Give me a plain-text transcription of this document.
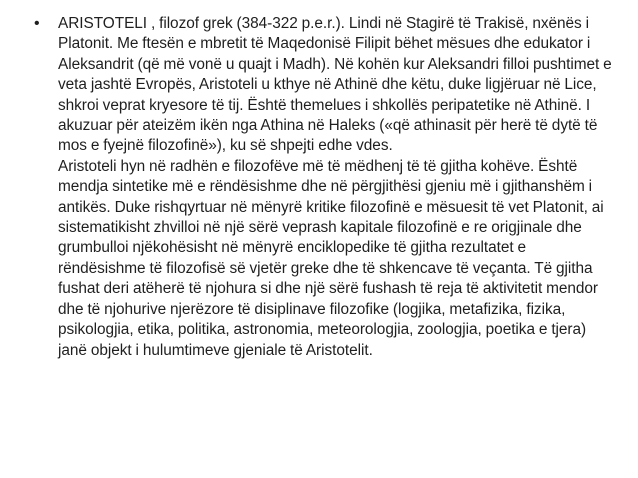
• ARISTOTELI , filozof grek (384-322 p.e.r.). Lindi në Stagirë të Trakisë, nxënës i Platonit. Me ftesën e mbretit të Maqedonisë Filipit bëhet mësues dhe edukator i Aleksandrit (që më vonë u quajt i Madh). Në kohën kur Aleksandri filloi pushtimet e veta jashtë Evropës, Aristoteli u kthye në Athinë dhe këtu, duke ligjëruar në Lice, shkroi veprat kryesore të tij. Është themelues i shkollës peripatetike në Athinë. I akuzuar për ateizëm ikën nga Athina në Haleks («që athinasit për herë të dytë të mos e fyejnë filozofinë»), ku së shpejti edhe vdes.

Aristoteli hyn në radhën e filozofëve më të mëdhenj të të gjitha kohëve. Është mendja sintetike më e rëndësishme dhe në përgjithësi gjeniu më i gjithanshëm i antikës. Duke rishqyrtuar në mënyrë kritike filozofinë e mësuesit të vet Platonit, ai sistematikisht zhvilloi në një sërë veprash kapitale filozofinë e re origjinale dhe grumbulloi njëkohësisht në mënyrë enciklopedike të gjitha rezultatet e rëndësishme të filozofisë së vjetër greke dhe të shkencave të veçanta. Të gjitha fushat deri atëherë të njohura si dhe një sërë fushash të reja të aktivitetit mendor dhe të njohurive njerëzore të disiplinave filozofike (logjika, metafizika, fizika, psikologjia, etika, politika, astronomia, meteorologjia, zoologjia, poetika e tjera) janë objekt i hulumtimeve gjeniale të Aristotelit.
